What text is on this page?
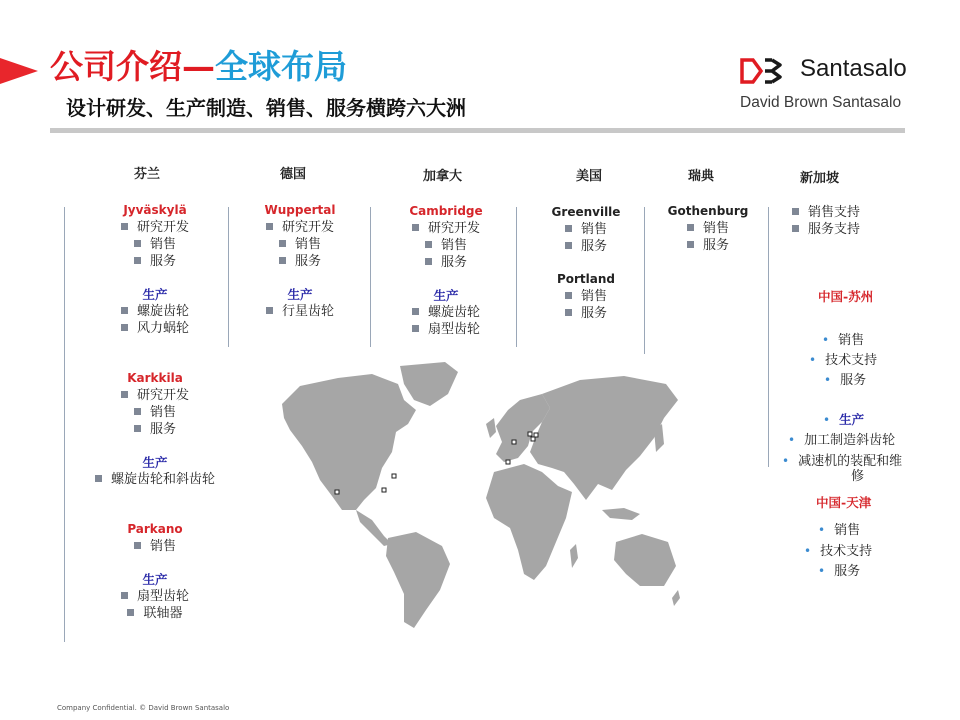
公司介绍—全球布局
设计研发、生产制造、销售、服务横跨六大洲
Santasalo
David Brown Santasalo
芬兰	德国	加拿大	美国	瑞典	新加坡
Jyväskylä
研究开发
销售
服务
生产
螺旋齿轮
风力蜗轮
Karkkila
研究开发
销售
服务
生产
螺旋齿轮和斜齿轮
Parkano
销售
生产
扇型齿轮
联轴器
Wuppertal
研究开发
销售
服务
生产
行星齿轮
Cambridge
研究开发
销售
服务
生产
螺旋齿轮
扇型齿轮
Greenville
销售
服务
Portland
销售
服务
Gothenburg
销售
服务
销售支持
服务支持
中国-苏州
• 销售
• 技术支持
• 服务
• 生产
• 加工制造斜齿轮
• 减速机的装配和维
修
中国-天津
• 销售
• 技术支持
• 服务
Company Confidential. © David Brown Santasalo
